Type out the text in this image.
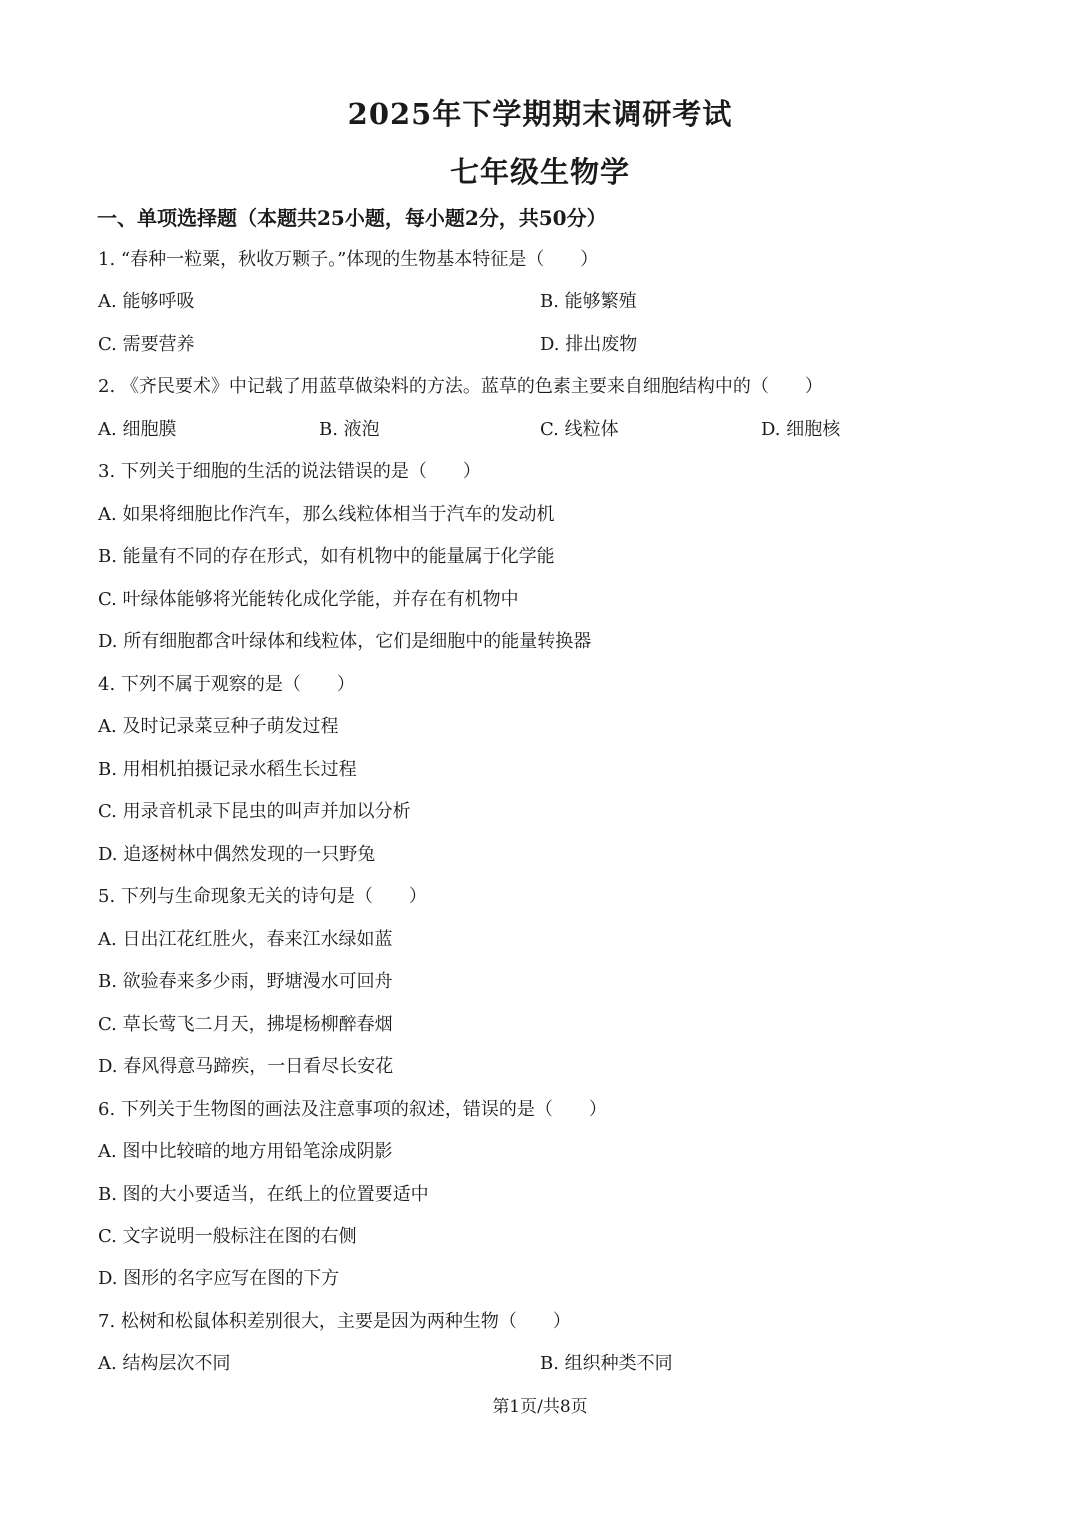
2025年下学期期末调研考试
七年级生物学
一、单项选择题（本题共25小题，每小题2分，共50分）
1. “春种一粒粟，秋收万颗子。”体现的生物基本特征是（　　）
A. 能够呼吸	B. 能够繁殖
C. 需要营养	D. 排出废物
2. 《齐民要术》中记载了用蓝草做染料的方法。蓝草的色素主要来自细胞结构中的（　　）
A. 细胞膜	B. 液泡	C. 线粒体	D. 细胞核
3. 下列关于细胞的生活的说法错误的是（　　）
A. 如果将细胞比作汽车，那么线粒体相当于汽车的发动机
B. 能量有不同的存在形式，如有机物中的能量属于化学能
C. 叶绿体能够将光能转化成化学能，并存在有机物中
D. 所有细胞都含叶绿体和线粒体，它们是细胞中的能量转换器
4. 下列不属于观察的是（　　）
A. 及时记录菜豆种子萌发过程
B. 用相机拍摄记录水稻生长过程
C. 用录音机录下昆虫的叫声并加以分析
D. 追逐树林中偶然发现的一只野兔
5. 下列与生命现象无关的诗句是（　　）
A. 日出江花红胜火，春来江水绿如蓝
B. 欲验春来多少雨，野塘漫水可回舟
C. 草长莺飞二月天，拂堤杨柳醉春烟
D. 春风得意马蹄疾，一日看尽长安花
6. 下列关于生物图的画法及注意事项的叙述，错误的是（　　）
A. 图中比较暗的地方用铅笔涂成阴影
B. 图的大小要适当，在纸上的位置要适中
C. 文字说明一般标注在图的右侧
D. 图形的名字应写在图的下方
7. 松树和松鼠体积差别很大，主要是因为两种生物（　　）
A. 结构层次不同	B. 组织种类不同
第1页/共8页
